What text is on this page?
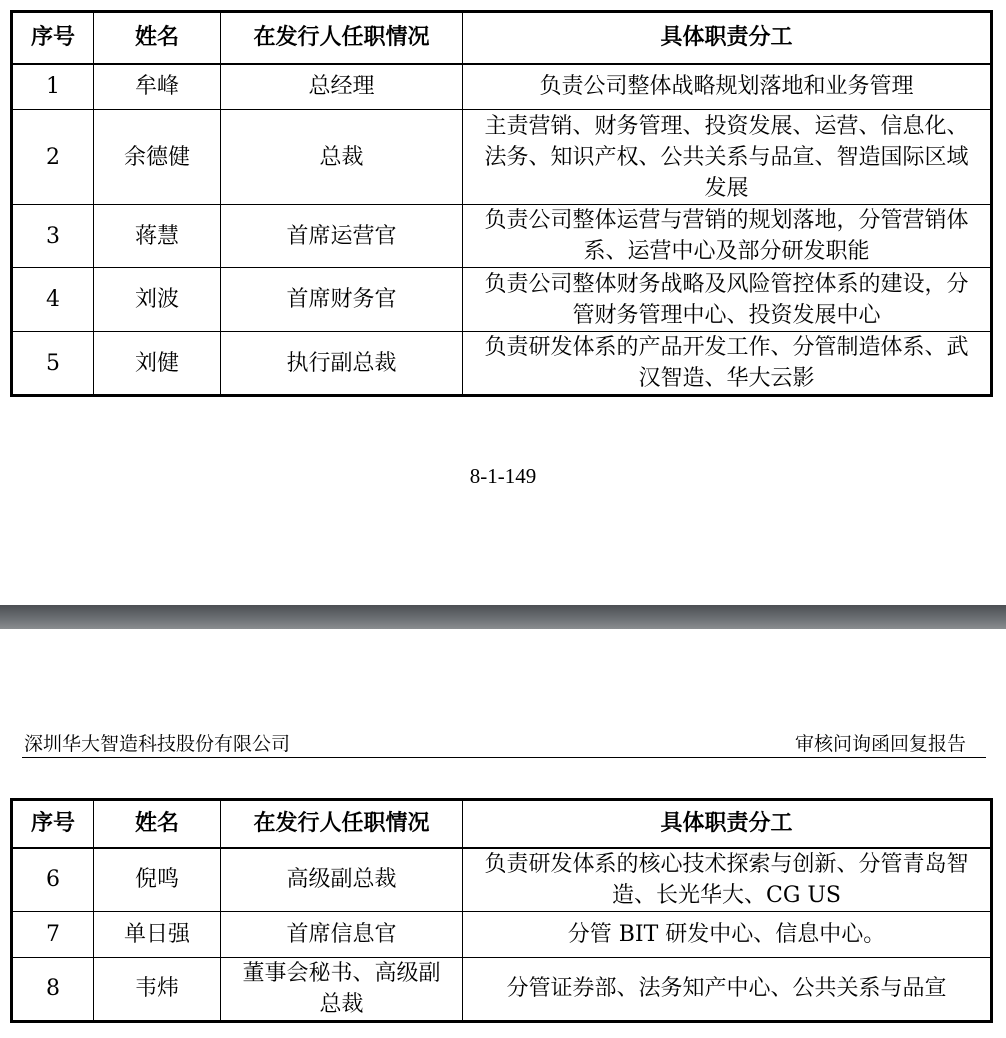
序号	姓名	在发行人任职情况	具体职责分工
1	牟峰	总经理	负责公司整体战略规划落地和业务管理
2	余德健	总裁	主责营销、财务管理、投资发展、运营、信息化、法务、知识产权、公共关系与品宣、智造国际区域发展
3	蒋慧	首席运营官	负责公司整体运营与营销的规划落地，分管营销体系、运营中心及部分研发职能
4	刘波	首席财务官	负责公司整体财务战略及风险管控体系的建设，分管财务管理中心、投资发展中心
5	刘健	执行副总裁	负责研发体系的产品开发工作、分管制造体系、武汉智造、华大云影
8-1-149
深圳华大智造科技股份有限公司	审核问询函回复报告
序号	姓名	在发行人任职情况	具体职责分工
6	倪鸣	高级副总裁	负责研发体系的核心技术探索与创新、分管青岛智造、长光华大、CG US
7	单日强	首席信息官	分管 BIT 研发中心、信息中心。
8	韦炜	董事会秘书、高级副总裁	分管证券部、法务知产中心、公共关系与品宣
